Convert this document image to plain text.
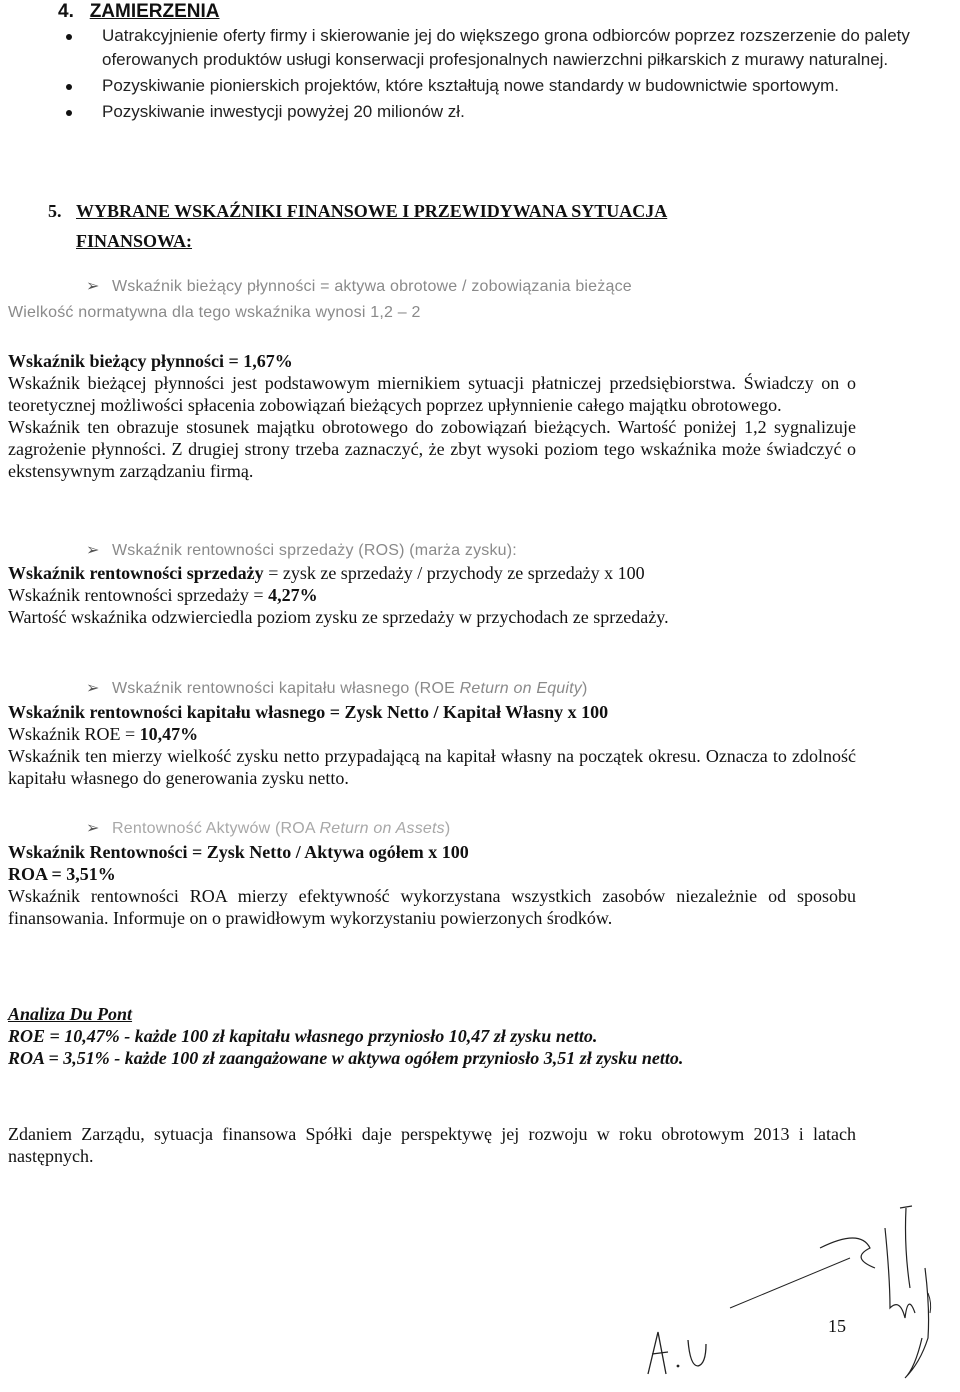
4. ZAMIERZENIA
Uatrakcyjnienie oferty firmy i skierowanie jej do większego grona odbiorców poprzez rozszerzenie do palety oferowanych produktów usługi konserwacji profesjonalnych nawierzchni piłkarskich z murawy naturalnej.
Pozyskiwanie pionierskich projektów, które kształtują nowe standardy w budownictwie sportowym.
Pozyskiwanie inwestycji powyżej 20 milionów zł.
5. WYBRANE WSKAŹNIKI FINANSOWE I PRZEWIDYWANA SYTUACJA
FINANSOWA:
➢ Wskaźnik bieżący płynności = aktywa obrotowe / zobowiązania bieżące
Wielkość normatywna dla tego wskaźnika wynosi 1,2 – 2

Wskaźnik bieżący płynności = 1,67%

Wskaźnik bieżącej płynności jest podstawowym miernikiem sytuacji płatniczej przedsiębiorstwa. Świadczy on o teoretycznej możliwości spłacenia zobowiązań bieżących poprzez upłynnienie całego majątku obrotowego.

Wskaźnik ten obrazuje stosunek majątku obrotowego do zobowiązań bieżących. Wartość poniżej 1,2 sygnalizuje zagrożenie płynności. Z drugiej strony trzeba zaznaczyć, że zbyt wysoki poziom tego wskaźnika może świadczyć o ekstensywnym zarządzaniu firmą.

➢ Wskaźnik rentowności sprzedaży (ROS) (marża zysku):

Wskaźnik rentowności sprzedaży = zysk ze sprzedaży / przychody ze sprzedaży x 100

Wskaźnik rentowności sprzedaży = 4,27%

Wartość wskaźnika odzwierciedla poziom zysku ze sprzedaży w przychodach ze sprzedaży.

➢ Wskaźnik rentowności kapitału własnego (ROE Return on Equity)

Wskaźnik rentowności kapitału własnego = Zysk Netto / Kapitał Własny x 100

Wskaźnik ROE = 10,47%

Wskaźnik ten mierzy wielkość zysku netto przypadającą na kapitał własny na początek okresu. Oznacza to zdolność kapitału własnego do generowania zysku netto.

➢ Rentowność Aktywów (ROA Return on Assets)

Wskaźnik Rentowności = Zysk Netto / Aktywa ogółem x 100

ROA = 3,51%

Wskaźnik rentowności ROA mierzy efektywność wykorzystana wszystkich zasobów niezależnie od sposobu finansowania. Informuje on o prawidłowym wykorzystaniu powierzonych środków.

Analiza Du Pont

ROE = 10,47% - każde 100 zł kapitału własnego przyniosło 10,47 zł zysku netto.

ROA = 3,51% - każde 100 zł zaangażowane w aktywa ogółem przyniosło 3,51 zł zysku netto.

Zdaniem Zarządu, sytuacja finansowa Spółki daje perspektywę jej rozwoju w roku obrotowym 2013 i latach następnych.

15
